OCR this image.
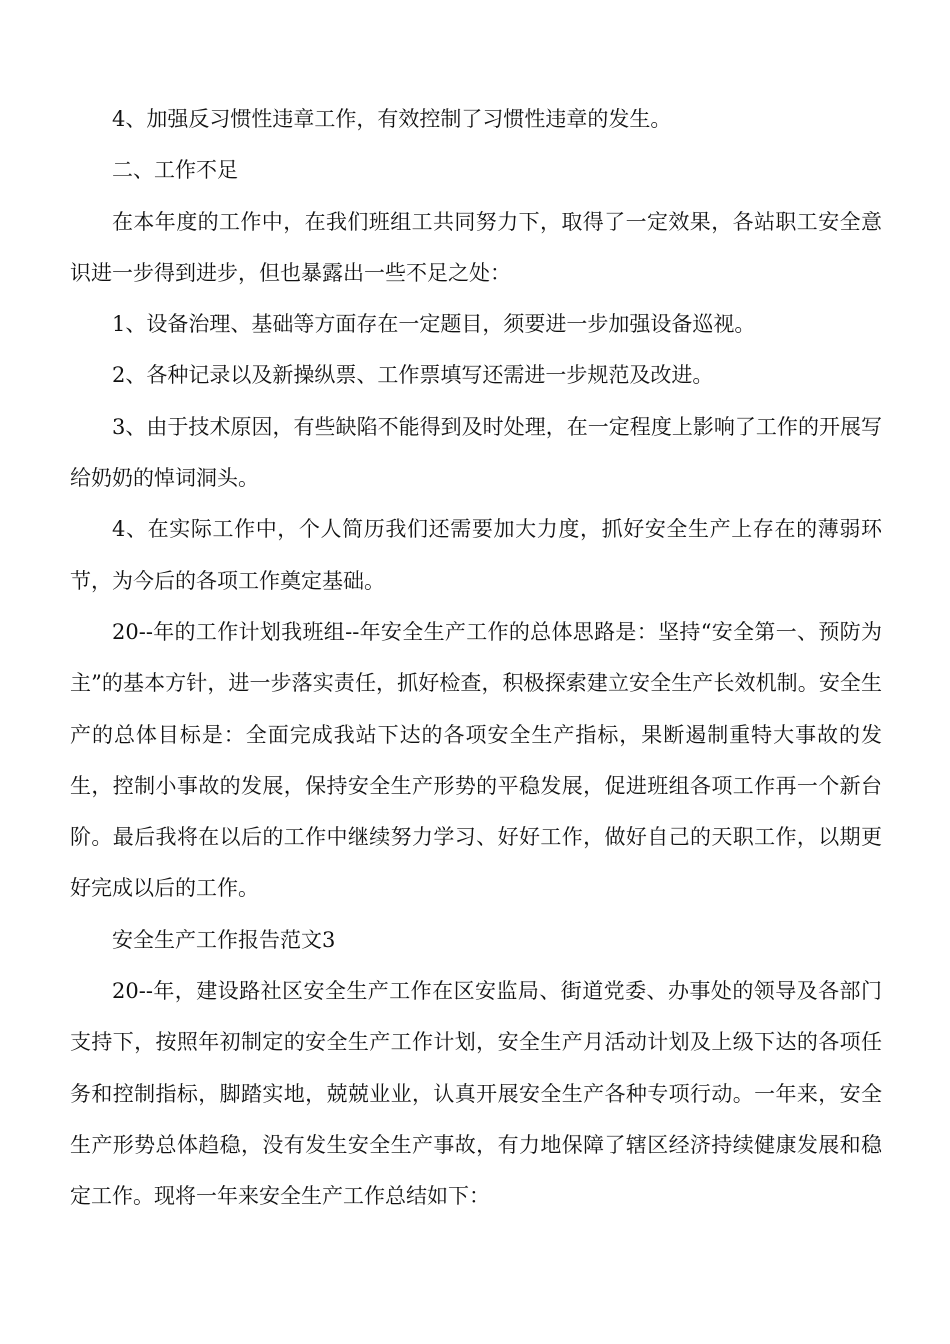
4、加强反习惯性违章工作，有效控制了习惯性违章的发生。

二、工作不足

在本年度的工作中，在我们班组工共同努力下，取得了一定效果，各站职工安全意识进一步得到进步，但也暴露出一些不足之处：

1、设备治理、基础等方面存在一定题目，须要进一步加强设备巡视。

2、各种记录以及新操纵票、工作票填写还需进一步规范及改进。

3、由于技术原因，有些缺陷不能得到及时处理，在一定程度上影响了工作的开展写给奶奶的悼词洞头。

4、在实际工作中，个人简历我们还需要加大力度，抓好安全生产上存在的薄弱环节，为今后的各项工作奠定基础。

20--年的工作计划我班组--年安全生产工作的总体思路是：坚持“安全第一、预防为主”的基本方针，进一步落实责任，抓好检查，积极探索建立安全生产长效机制。安全生产的总体目标是：全面完成我站下达的各项安全生产指标，果断遏制重特大事故的发生，控制小事故的发展，保持安全生产形势的平稳发展，促进班组各项工作再一个新台阶。最后我将在以后的工作中继续努力学习、好好工作，做好自己的天职工作，以期更好完成以后的工作。

安全生产工作报告范文3

20--年，建设路社区安全生产工作在区安监局、街道党委、办事处的领导及各部门支持下，按照年初制定的安全生产工作计划，安全生产月活动计划及上级下达的各项任务和控制指标，脚踏实地，兢兢业业，认真开展安全生产各种专项行动。一年来，安全生产形势总体趋稳，没有发生安全生产事故，有力地保障了辖区经济持续健康发展和稳定工作。现将一年来安全生产工作总结如下：
